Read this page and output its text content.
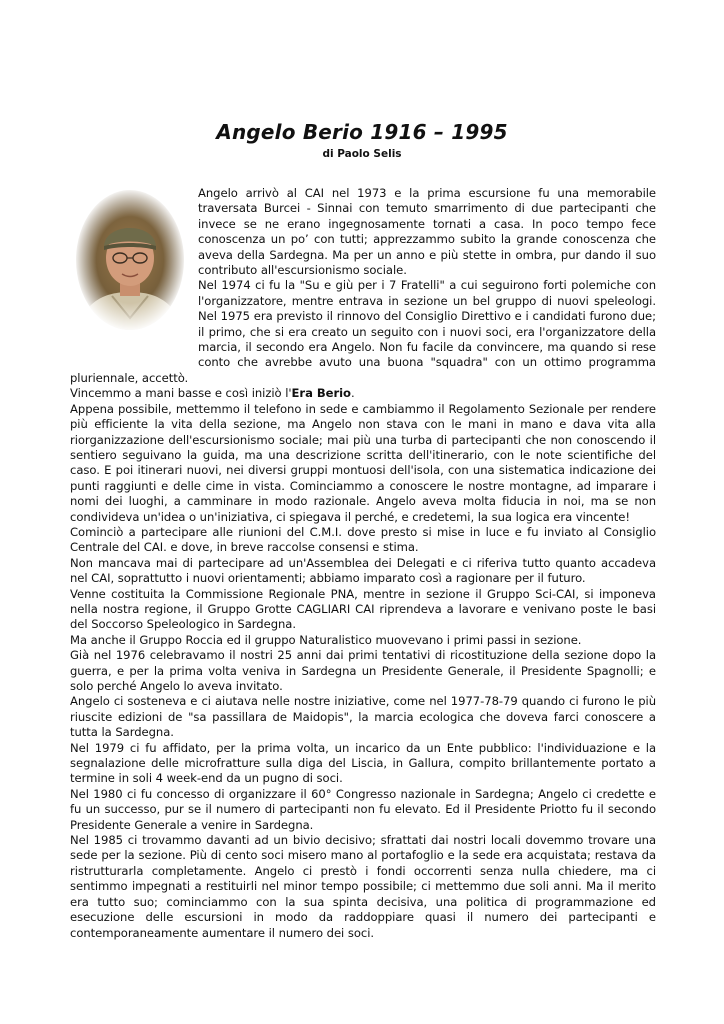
Angelo Berio 1916 – 1995
di Paolo Selis

Angelo arrivò al CAI nel 1973 e la prima escursione fu una memorabile traversata Burcei - Sinnai con temuto smarrimento di due partecipanti che invece se ne erano ingegnosamente tornati a casa. In poco tempo fece conoscenza un po’ con tutti; apprezzammo subito la grande conoscenza che aveva della Sardegna. Ma per un anno e più stette in ombra, pur dando il suo contributo all'escursionismo sociale.

Nel 1974 ci fu la "Su e giù per i 7 Fratelli" a cui seguirono forti polemiche con l'organizzatore, mentre entrava in sezione un bel gruppo di nuovi speleologi. Nel 1975 era previsto il rinnovo del Consiglio Direttivo e i candidati furono due; il primo, che si era creato un seguito con i nuovi soci, era l'organizzatore della marcia, il secondo era Angelo. Non fu facile da convincere, ma quando si rese conto che avrebbe avuto una buona "squadra" con un ottimo programma pluriennale, accettò.

Vincemmo a mani basse e così iniziò l'Era Berio.

Appena possibile, mettemmo il telefono in sede e cambiammo il Regolamento Sezionale per rendere più efficiente la vita della sezione, ma Angelo non stava con le mani in mano e dava vita alla riorganizzazione dell'escursionismo sociale; mai più una turba di partecipanti che non conoscendo il sentiero seguivano la guida, ma una descrizione scritta dell'itinerario, con le note scientifiche del caso. E poi itinerari nuovi, nei diversi gruppi montuosi dell'isola, con una sistematica indicazione dei punti raggiunti e delle cime in vista. Cominciammo a conoscere le nostre montagne, ad imparare i nomi dei luoghi, a camminare in modo razionale. Angelo aveva molta fiducia in noi, ma se non condivideva un'idea o un'iniziativa, ci spiegava il perché, e credetemi, la sua logica era vincente!

Cominciò a partecipare alle riunioni del C.M.I. dove presto si mise in luce e fu inviato al Consiglio Centrale del CAI. e dove, in breve raccolse consensi e stima.

Non mancava mai di partecipare ad un'Assemblea dei Delegati e ci riferiva tutto quanto accadeva nel CAI, soprattutto i nuovi orientamenti; abbiamo imparato così a ragionare per il futuro.

Venne costituita la Commissione Regionale PNA, mentre in sezione il Gruppo Sci-CAI, si imponeva nella nostra regione, il Gruppo Grotte CAGLIARI CAI riprendeva a lavorare e venivano poste le basi del Soccorso Speleologico in Sardegna.

Ma anche il Gruppo Roccia ed il gruppo Naturalistico muovevano i primi passi in sezione.

Già nel 1976 celebravamo il nostri 25 anni dai primi tentativi di ricostituzione della sezione dopo la guerra, e per la prima volta veniva in Sardegna un Presidente Generale, il Presidente Spagnolli; e solo perché Angelo lo aveva invitato.

Angelo ci sosteneva e ci aiutava nelle nostre iniziative, come nel 1977-78-79 quando ci furono le più riuscite edizioni de "sa passillara de Maidopis", la marcia ecologica che doveva farci conoscere a tutta la Sardegna.

Nel 1979 ci fu affidato, per la prima volta, un incarico da un Ente pubblico: l'individuazione e la segnalazione delle microfratture sulla diga del Liscia, in Gallura, compito brillantemente portato a termine in soli 4 week-end da un pugno di soci.

Nel 1980 ci fu concesso di organizzare il 60° Congresso nazionale in Sardegna; Angelo ci credette e fu un successo, pur se il numero di partecipanti non fu elevato. Ed il Presidente Priotto fu il secondo Presidente Generale a venire in Sardegna.

Nel 1985 ci trovammo davanti ad un bivio decisivo; sfrattati dai nostri locali dovemmo trovare una sede per la sezione. Più di cento soci misero mano al portafoglio e la sede era acquistata; restava da ristrutturarla completamente. Angelo ci prestò i fondi occorrenti senza nulla chiedere, ma ci sentimmo impegnati a restituirli nel minor tempo possibile; ci mettemmo due soli anni. Ma il merito era tutto suo; cominciammo con la sua spinta decisiva, una politica di programmazione ed esecuzione delle escursioni in modo da raddoppiare quasi il numero dei partecipanti e contemporaneamente aumentare il numero dei soci.
